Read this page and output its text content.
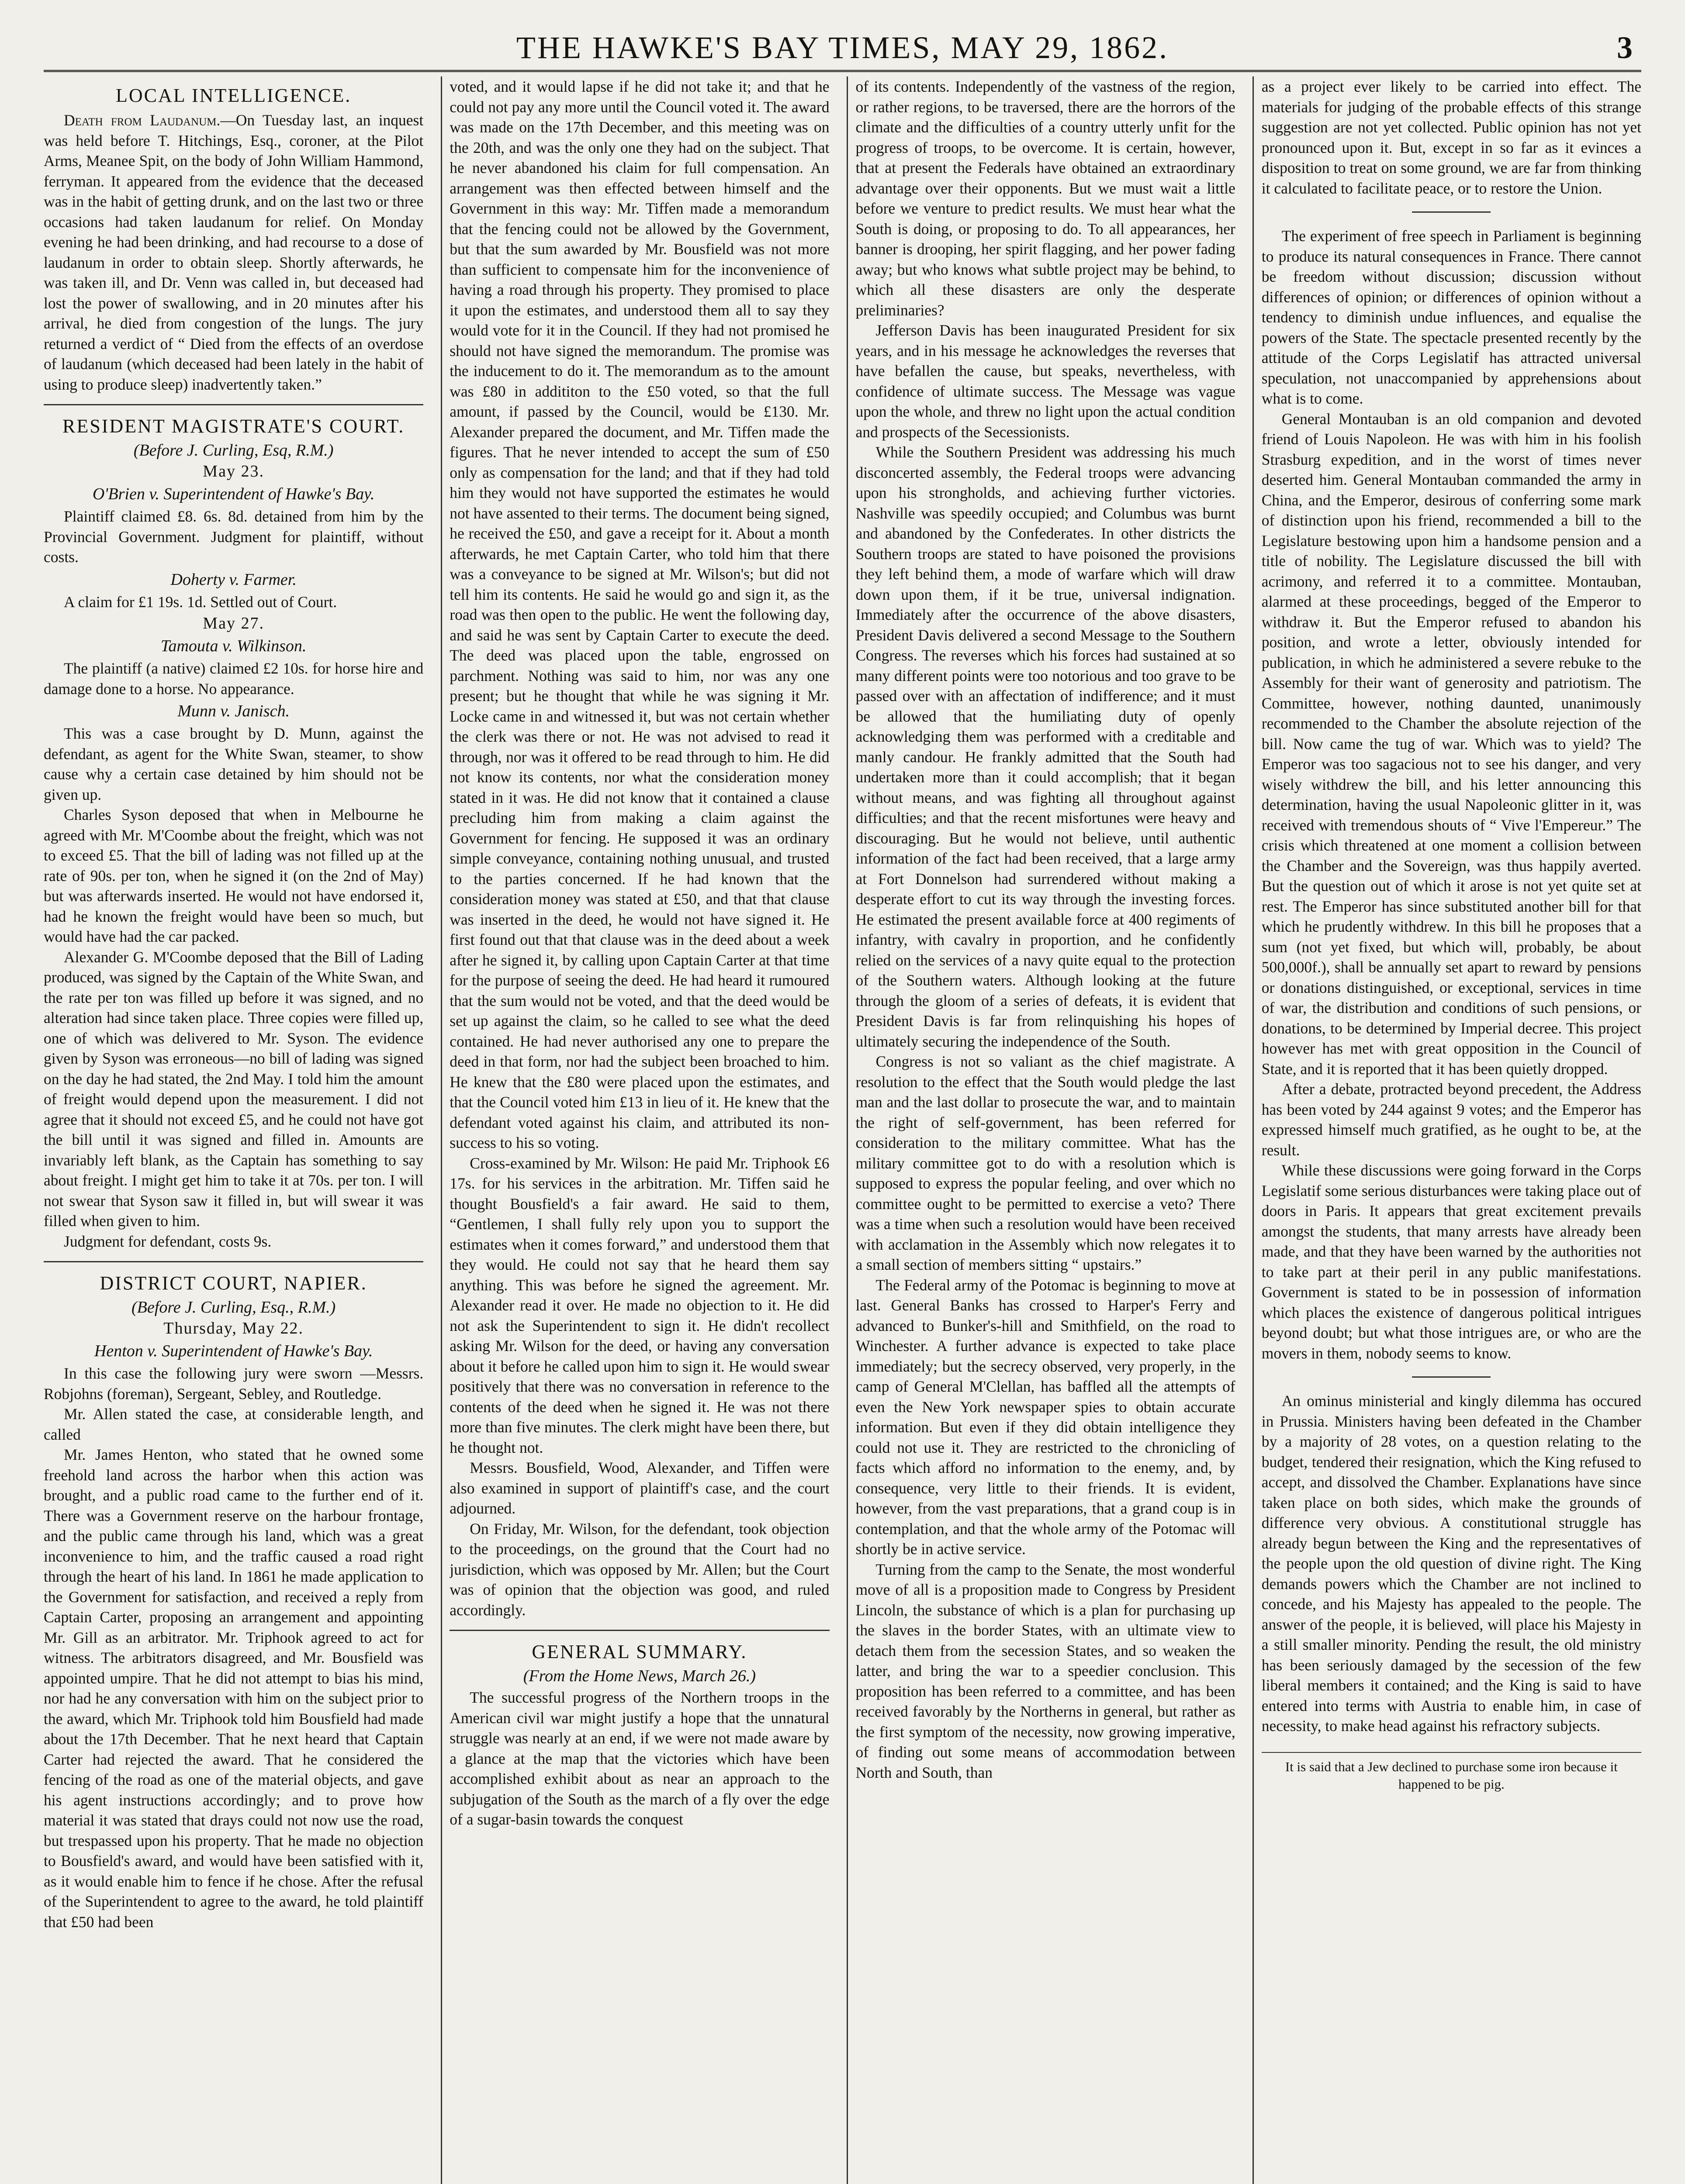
THE HAWKE'S BAY TIMES, MAY 29, 1862.	3
LOCAL INTELLIGENCE.

Death from Laudanum.—On Tuesday last, an inquest was held before T. Hitchings, Esq., coroner, at the Pilot Arms, Meanee Spit, on the body of John William Hammond, ferryman. It appeared from the evidence that the deceased was in the habit of getting drunk, and on the last two or three occasions had taken laudanum for relief. On Monday evening he had been drinking, and had recourse to a dose of laudanum in order to obtain sleep. Shortly afterwards, he was taken ill, and Dr. Venn was called in, but deceased had lost the power of swallowing, and in 20 minutes after his arrival, he died from congestion of the lungs. The jury returned a verdict of “ Died from the effects of an overdose of laudanum (which deceased had been lately in the habit of using to produce sleep) inadvertently taken.”

RESIDENT MAGISTRATE'S COURT.
(Before J. Curling, Esq, R.M.)
May 23.
O'Brien v. Superintendent of Hawke's Bay.

Plaintiff claimed £8. 6s. 8d. detained from him by the Provincial Government. Judgment for plaintiff, without costs.

Doherty v. Farmer.

A claim for £1 19s. 1d. Settled out of Court.

May 27.
Tamouta v. Wilkinson.

The plaintiff (a native) claimed £2 10s. for horse hire and damage done to a horse. No appearance.

Munn v. Janisch.

This was a case brought by D. Munn, against the defendant, as agent for the White Swan, steamer, to show cause why a certain case detained by him should not be given up.

Charles Syson deposed that when in Melbourne he agreed with Mr. M'Coombe about the freight, which was not to exceed £5. That the bill of lading was not filled up at the rate of 90s. per ton, when he signed it (on the 2nd of May) but was afterwards inserted. He would not have endorsed it, had he known the freight would have been so much, but would have had the car packed.

Alexander G. M'Coombe deposed that the Bill of Lading produced, was signed by the Captain of the White Swan, and the rate per ton was filled up before it was signed, and no alteration had since taken place. Three copies were filled up, one of which was delivered to Mr. Syson. The evidence given by Syson was erroneous—no bill of lading was signed on the day he had stated, the 2nd May. I told him the amount of freight would depend upon the measurement. I did not agree that it should not exceed £5, and he could not have got the bill until it was signed and filled in. Amounts are invariably left blank, as the Captain has something to say about freight. I might get him to take it at 70s. per ton. I will not swear that Syson saw it filled in, but will swear it was filled when given to him.

Judgment for defendant, costs 9s.

DISTRICT COURT, NAPIER.
(Before J. Curling, Esq., R.M.)
Thursday, May 22.
Henton v. Superintendent of Hawke's Bay.

In this case the following jury were sworn —Messrs. Robjohns (foreman), Sergeant, Sebley, and Routledge.

Mr. Allen stated the case, at considerable length, and called

Mr. James Henton, who stated that he owned some freehold land across the harbor when this action was brought, and a public road came to the further end of it. There was a Government reserve on the harbour frontage, and the public came through his land, which was a great inconvenience to him, and the traffic caused a road right through the heart of his land. In 1861 he made application to the Government for satisfaction, and received a reply from Captain Carter, proposing an arrangement and appointing Mr. Gill as an arbitrator. Mr. Triphook agreed to act for witness. The arbitrators disagreed, and Mr. Bousfield was appointed umpire. That he did not attempt to bias his mind, nor had he any conversation with him on the subject prior to the award, which Mr. Triphook told him Bousfield had made about the 17th December. That he next heard that Captain Carter had rejected the award. That he considered the fencing of the road as one of the material objects, and gave his agent instructions accordingly; and to prove how material it was stated that drays could not now use the road, but trespassed upon his property. That he made no objection to Bousfield's award, and would have been satisfied with it, as it would enable him to fence if he chose. After the refusal of the Superintendent to agree to the award, he told plaintiff that £50 had been

voted, and it would lapse if he did not take it; and that he could not pay any more until the Council voted it. The award was made on the 17th December, and this meeting was on the 20th, and was the only one they had on the subject. That he never abandoned his claim for full compensation. An arrangement was then effected between himself and the Government in this way: Mr. Tiffen made a memorandum that the fencing could not be allowed by the Government, but that the sum awarded by Mr. Bousfield was not more than sufficient to compensate him for the inconvenience of having a road through his property. They promised to place it upon the estimates, and understood them all to say they would vote for it in the Council. If they had not promised he should not have signed the memorandum. The promise was the inducement to do it. The memorandum as to the amount was £80 in addititon to the £50 voted, so that the full amount, if passed by the Council, would be £130. Mr. Alexander prepared the document, and Mr. Tiffen made the figures. That he never intended to accept the sum of £50 only as compensation for the land; and that if they had told him they would not have supported the estimates he would not have assented to their terms. The document being signed, he received the £50, and gave a receipt for it. About a month afterwards, he met Captain Carter, who told him that there was a conveyance to be signed at Mr. Wilson's; but did not tell him its contents. He said he would go and sign it, as the road was then open to the public. He went the following day, and said he was sent by Captain Carter to execute the deed. The deed was placed upon the table, engrossed on parchment. Nothing was said to him, nor was any one present; but he thought that while he was signing it Mr. Locke came in and witnessed it, but was not certain whether the clerk was there or not. He was not advised to read it through, nor was it offered to be read through to him. He did not know its contents, nor what the consideration money stated in it was. He did not know that it contained a clause precluding him from making a claim against the Government for fencing. He supposed it was an ordinary simple conveyance, containing nothing unusual, and trusted to the parties concerned. If he had known that the consideration money was stated at £50, and that that clause was inserted in the deed, he would not have signed it. He first found out that that clause was in the deed about a week after he signed it, by calling upon Captain Carter at that time for the purpose of seeing the deed. He had heard it rumoured that the sum would not be voted, and that the deed would be set up against the claim, so he called to see what the deed contained. He had never authorised any one to prepare the deed in that form, nor had the subject been broached to him. He knew that the £80 were placed upon the estimates, and that the Council voted him £13 in lieu of it. He knew that the defendant voted against his claim, and attributed its non-success to his so voting.

Cross-examined by Mr. Wilson: He paid Mr. Triphook £6 17s. for his services in the arbitration. Mr. Tiffen said he thought Bousfield's a fair award. He said to them, “Gentlemen, I shall fully rely upon you to support the estimates when it comes forward,” and understood them that they would. He could not say that he heard them say anything. This was before he signed the agreement. Mr. Alexander read it over. He made no objection to it. He did not ask the Superintendent to sign it. He didn't recollect asking Mr. Wilson for the deed, or having any conversation about it before he called upon him to sign it. He would swear positively that there was no conversation in reference to the contents of the deed when he signed it. He was not there more than five minutes. The clerk might have been there, but he thought not.

Messrs. Bousfield, Wood, Alexander, and Tiffen were also examined in support of plaintiff's case, and the court adjourned.

On Friday, Mr. Wilson, for the defendant, took objection to the proceedings, on the ground that the Court had no jurisdiction, which was opposed by Mr. Allen; but the Court was of opinion that the objection was good, and ruled accordingly.

GENERAL SUMMARY.
(From the Home News, March 26.)

The successful progress of the Northern troops in the American civil war might justify a hope that the unnatural struggle was nearly at an end, if we were not made aware by a glance at the map that the victories which have been accomplished exhibit about as near an approach to the subjugation of the South as the march of a fly over the edge of a sugar-basin towards the conquest

of its contents. Independently of the vastness of the region, or rather regions, to be traversed, there are the horrors of the climate and the difficulties of a country utterly unfit for the progress of troops, to be overcome. It is certain, however, that at present the Federals have obtained an extraordinary advantage over their opponents. But we must wait a little before we venture to predict results. We must hear what the South is doing, or proposing to do. To all appearances, her banner is drooping, her spirit flagging, and her power fading away; but who knows what subtle project may be behind, to which all these disasters are only the desperate preliminaries?

Jefferson Davis has been inaugurated President for six years, and in his message he acknowledges the reverses that have befallen the cause, but speaks, nevertheless, with confidence of ultimate success. The Message was vague upon the whole, and threw no light upon the actual condition and prospects of the Secessionists.

While the Southern President was addressing his much disconcerted assembly, the Federal troops were advancing upon his strongholds, and achieving further victories. Nashville was speedily occupied; and Columbus was burnt and abandoned by the Confederates. In other districts the Southern troops are stated to have poisoned the provisions they left behind them, a mode of warfare which will draw down upon them, if it be true, universal indignation. Immediately after the occurrence of the above disasters, President Davis delivered a second Message to the Southern Congress. The reverses which his forces had sustained at so many different points were too notorious and too grave to be passed over with an affectation of indifference; and it must be allowed that the humiliating duty of openly acknowledging them was performed with a creditable and manly candour. He frankly admitted that the South had undertaken more than it could accomplish; that it began without means, and was fighting all throughout against difficulties; and that the recent misfortunes were heavy and discouraging. But he would not believe, until authentic information of the fact had been received, that a large army at Fort Donnelson had surrendered without making a desperate effort to cut its way through the investing forces. He estimated the present available force at 400 regiments of infantry, with cavalry in proportion, and he confidently relied on the services of a navy quite equal to the protection of the Southern waters. Although looking at the future through the gloom of a series of defeats, it is evident that President Davis is far from relinquishing his hopes of ultimately securing the independence of the South.

Congress is not so valiant as the chief magistrate. A resolution to the effect that the South would pledge the last man and the last dollar to prosecute the war, and to maintain the right of self-government, has been referred for consideration to the military committee. What has the military committee got to do with a resolution which is supposed to express the popular feeling, and over which no committee ought to be permitted to exercise a veto? There was a time when such a resolution would have been received with acclamation in the Assembly which now relegates it to a small section of members sitting “ upstairs.”

The Federal army of the Potomac is beginning to move at last. General Banks has crossed to Harper's Ferry and advanced to Bunker's-hill and Smithfield, on the road to Winchester. A further advance is expected to take place immediately; but the secrecy observed, very properly, in the camp of General M'Clellan, has baffled all the attempts of even the New York newspaper spies to obtain accurate information. But even if they did obtain intelligence they could not use it. They are restricted to the chronicling of facts which afford no information to the enemy, and, by consequence, very little to their friends. It is evident, however, from the vast preparations, that a grand coup is in contemplation, and that the whole army of the Potomac will shortly be in active service.

Turning from the camp to the Senate, the most wonderful move of all is a proposition made to Congress by President Lincoln, the substance of which is a plan for purchasing up the slaves in the border States, with an ultimate view to detach them from the secession States, and so weaken the latter, and bring the war to a speedier conclusion. This proposition has been referred to a committee, and has been received favorably by the Northerns in general, but rather as the first symptom of the necessity, now growing imperative, of finding out some means of accommodation between North and South, than

as a project ever likely to be carried into effect. The materials for judging of the probable effects of this strange suggestion are not yet collected. Public opinion has not yet pronounced upon it. But, except in so far as it evinces a disposition to treat on some ground, we are far from thinking it calculated to facilitate peace, or to restore the Union.

The experiment of free speech in Parliament is beginning to produce its natural consequences in France. There cannot be freedom without discussion; discussion without differences of opinion; or differences of opinion without a tendency to diminish undue influences, and equalise the powers of the State. The spectacle presented recently by the attitude of the Corps Legislatif has attracted universal speculation, not unaccompanied by apprehensions about what is to come.

General Montauban is an old companion and devoted friend of Louis Napoleon. He was with him in his foolish Strasburg expedition, and in the worst of times never deserted him. General Montauban commanded the army in China, and the Emperor, desirous of conferring some mark of distinction upon his friend, recommended a bill to the Legislature bestowing upon him a handsome pension and a title of nobility. The Legislature discussed the bill with acrimony, and referred it to a committee. Montauban, alarmed at these proceedings, begged of the Emperor to withdraw it. But the Emperor refused to abandon his position, and wrote a letter, obviously intended for publication, in which he administered a severe rebuke to the Assembly for their want of generosity and patriotism. The Committee, however, nothing daunted, unanimously recommended to the Chamber the absolute rejection of the bill. Now came the tug of war. Which was to yield? The Emperor was too sagacious not to see his danger, and very wisely withdrew the bill, and his letter announcing this determination, having the usual Napoleonic glitter in it, was received with tremendous shouts of “ Vive l'Empereur.” The crisis which threatened at one moment a collision between the Chamber and the Sovereign, was thus happily averted. But the question out of which it arose is not yet quite set at rest. The Emperor has since substituted another bill for that which he prudently withdrew. In this bill he proposes that a sum (not yet fixed, but which will, probably, be about 500,000f.), shall be annually set apart to reward by pensions or donations distinguished, or exceptional, services in time of war, the distribution and conditions of such pensions, or donations, to be determined by Imperial decree. This project however has met with great opposition in the Council of State, and it is reported that it has been quietly dropped.

After a debate, protracted beyond precedent, the Address has been voted by 244 against 9 votes; and the Emperor has expressed himself much gratified, as he ought to be, at the result.

While these discussions were going forward in the Corps Legislatif some serious disturbances were taking place out of doors in Paris. It appears that great excitement prevails amongst the students, that many arrests have already been made, and that they have been warned by the authorities not to take part at their peril in any public manifestations. Government is stated to be in possession of information which places the existence of dangerous political intrigues beyond doubt; but what those intrigues are, or who are the movers in them, nobody seems to know.

An ominus ministerial and kingly dilemma has occured in Prussia. Ministers having been defeated in the Chamber by a majority of 28 votes, on a question relating to the budget, tendered their resignation, which the King refused to accept, and dissolved the Chamber. Explanations have since taken place on both sides, which make the grounds of difference very obvious. A constitutional struggle has already begun between the King and the representatives of the people upon the old question of divine right. The King demands powers which the Chamber are not inclined to concede, and his Majesty has appealed to the people. The answer of the people, it is believed, will place his Majesty in a still smaller minority. Pending the result, the old ministry has been seriously damaged by the secession of the few liberal members it contained; and the King is said to have entered into terms with Austria to enable him, in case of necessity, to make head against his refractory subjects.

It is said that a Jew declined to purchase some iron because it happened to be pig.
